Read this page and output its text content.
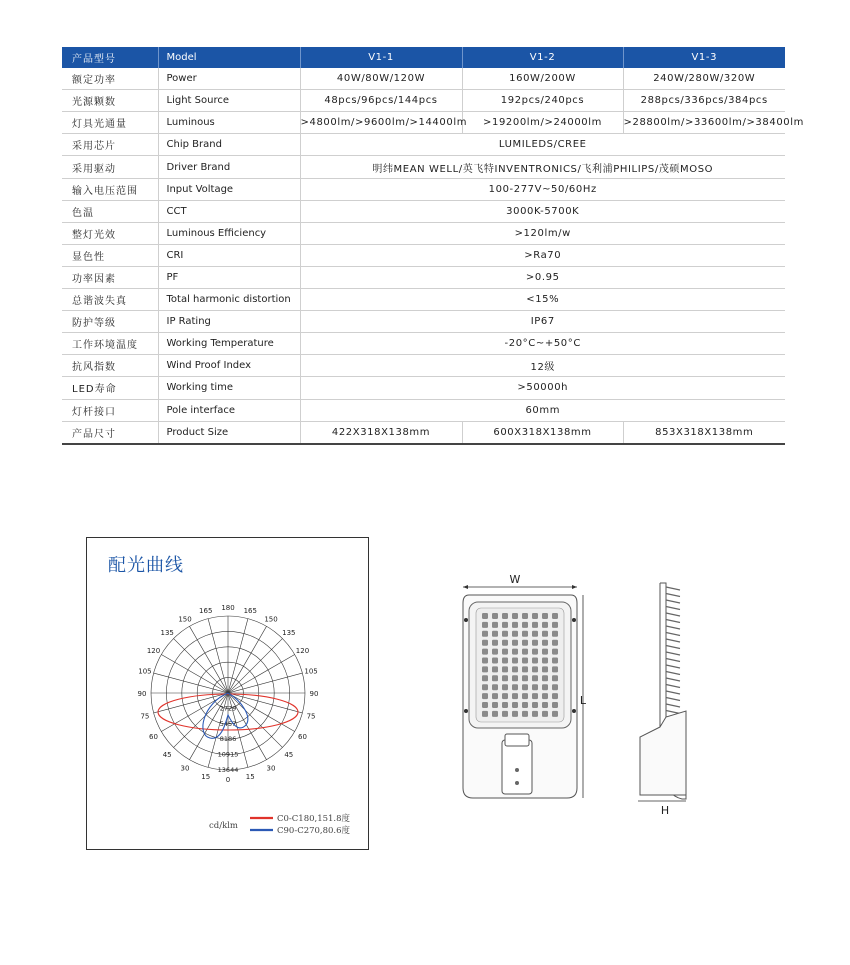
产品型号	Model	V1-1	V1-2	V1-3
额定功率	Power	40W/80W/120W	160W/200W	240W/280W/320W
光源颗数	Light Source	48pcs/96pcs/144pcs	192pcs/240pcs	288pcs/336pcs/384pcs
灯具光通量	Luminous	>4800lm/>9600lm/>14400lm	>19200lm/>24000lm	>28800lm/>33600lm/>38400lm
采用芯片	Chip Brand	LUMILEDS/CREE		
采用驱动	Driver Brand	明纬MEAN WELL/英飞特INVENTRONICS/飞利浦PHILIPS/茂硕MOSO		
输入电压范围	Input Voltage	100-277V~50/60Hz		
色温	CCT	3000K-5700K		
整灯光效	Luminous Efficiency	>120lm/w		
显色性	CRI	>Ra70		
功率因素	PF	>0.95		
总谐波失真	Total harmonic distortion	<15%		
防护等级	IP Rating	IP67		
工作环境温度	Working Temperature	-20°C~+50°C		
抗风指数	Wind Proof Index	12级		
LED寿命	Working time	>50000h		
灯杆接口	Pole interface	60mm		
产品尺寸	Product Size	422X318X138mm	600X318X138mm	853X318X138mm
配光曲线
0 15
15
30
30
45
45
60
60
75
75
90
90
105
105
120
120
135
135
150
150
165
165 180
2729
5457
8186
10915
13644
cd/klm
C0-C180,151.8度
C90-C270,80.6度
W
L
H
